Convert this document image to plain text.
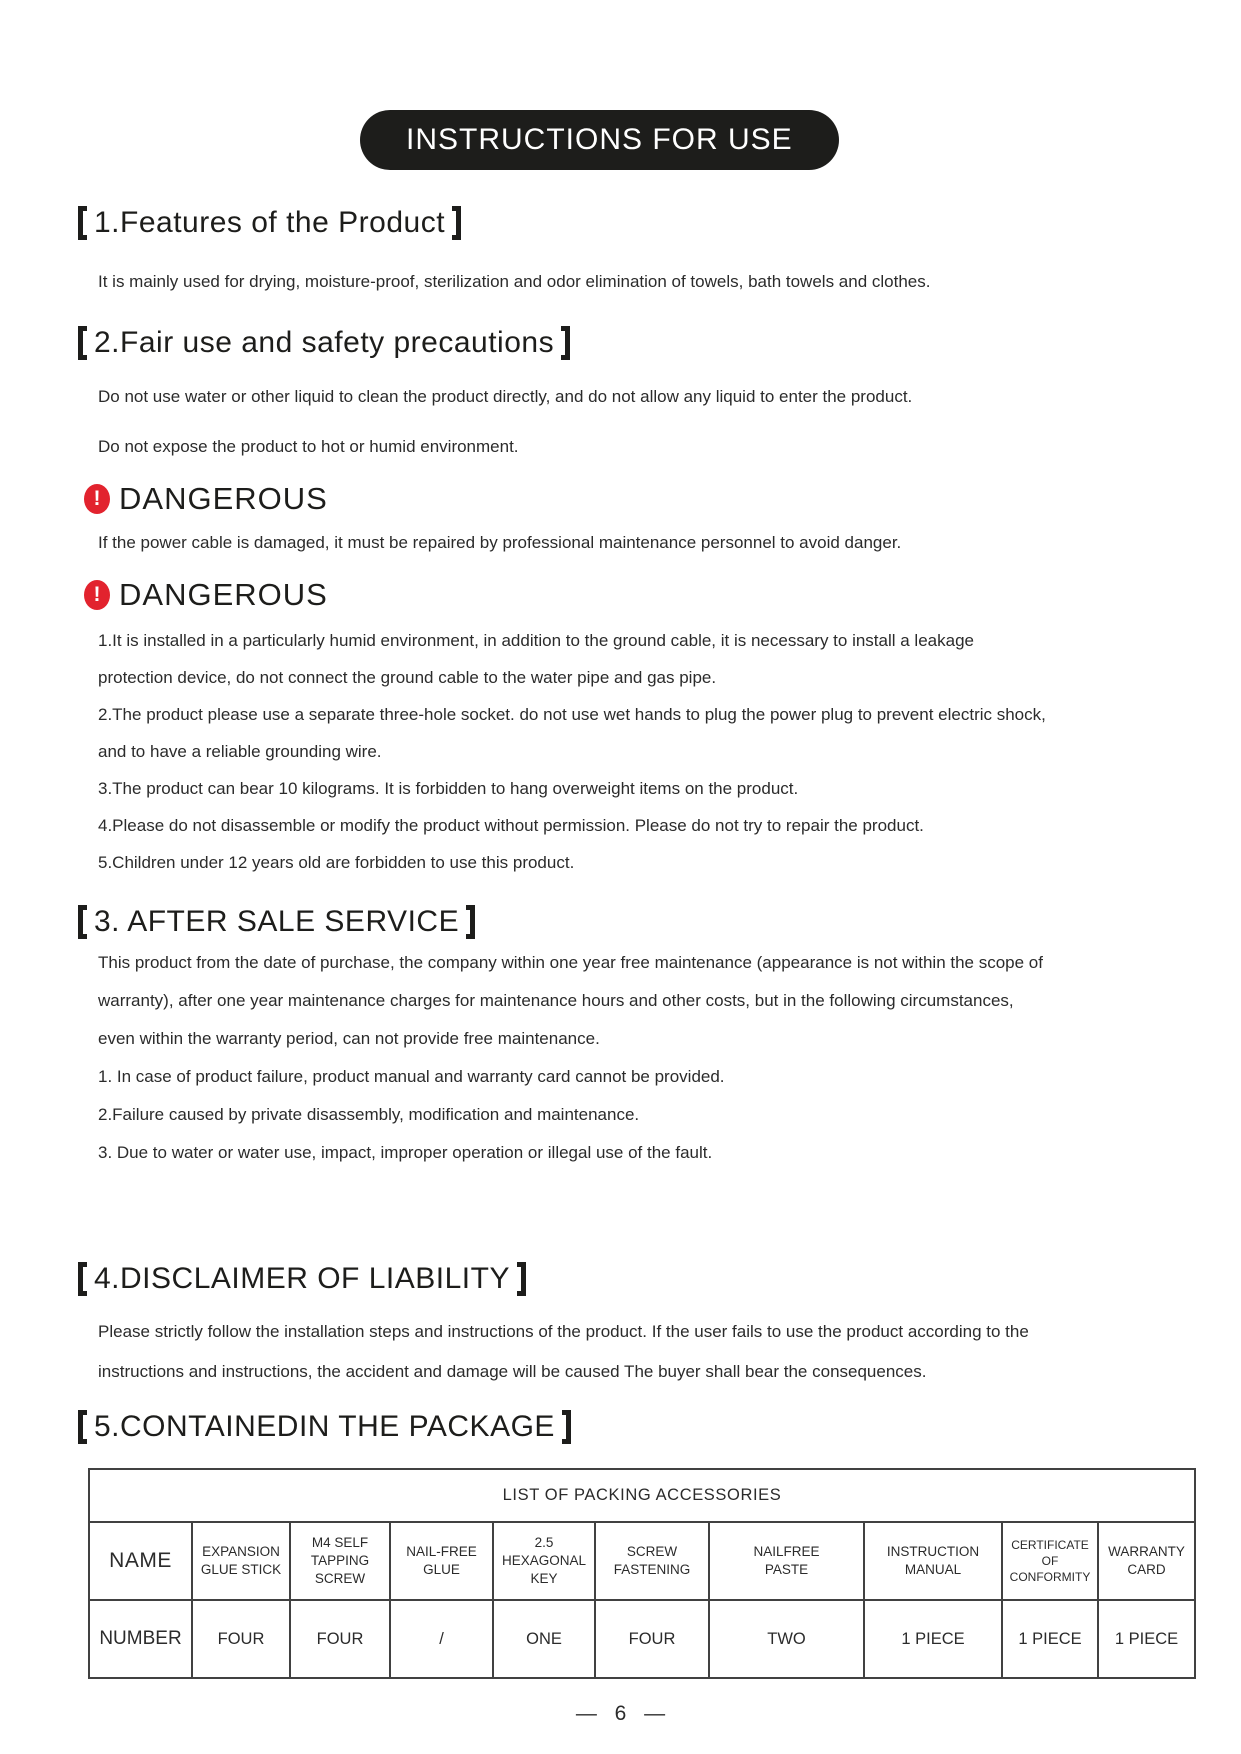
INSTRUCTIONS FOR USE
1.Features of the Product

It is mainly used for drying, moisture-proof, sterilization and odor elimination of towels, bath towels and clothes.

2.Fair use and safety precautions

Do not use water or other liquid to clean the product directly, and do not allow any liquid to enter the product.

Do not expose the product to hot or humid environment.

! DANGEROUS

If the power cable is damaged, it must be repaired by professional maintenance personnel to avoid danger.

! DANGEROUS

1.It is installed in a particularly humid environment, in addition to the ground cable, it is necessary to install a leakage protection device, do not connect the ground cable to the water pipe and gas pipe.

2.The product please use a separate three-hole socket. do not use wet hands to plug the power plug to prevent electric shock, and to have a reliable grounding wire.

3.The product can bear 10 kilograms. It is forbidden to hang overweight items on the product.

4.Please do not disassemble or modify the product without permission. Please do not try to repair the product.

5.Children under 12 years old are forbidden to use this product.

3. AFTER SALE SERVICE

This product from the date of purchase, the company within one year free maintenance (appearance is not within the scope of warranty), after one year maintenance charges for maintenance hours and other costs, but in the following circumstances, even within the warranty period, can not provide free maintenance.

1. In case of product failure, product manual and warranty card cannot be provided.

2.Failure caused by private disassembly, modification and maintenance.

3. Due to water or water use, impact, improper operation or illegal use of the fault.

4.DISCLAIMER OF LIABILITY

Please strictly follow the installation steps and instructions of the product. If the user fails to use the product according to the instructions and instructions, the accident and damage will be caused The buyer shall bear the consequences.

5.CONTAINEDIN THE PACKAGE
LIST OF PACKING ACCESSORIES									
NAME	EXPANSION GLUE STICK	M4 SELF TAPPING SCREW	NAIL-FREE GLUE	2.5 HEXAGONAL KEY	SCREW FASTENING	NAILFREE PASTE	INSTRUCTION MANUAL	CERTIFICATE OF CONFORMITY	WARRANTY CARD
NUMBER	FOUR	FOUR	/	ONE	FOUR	TWO	1 PIECE	1 PIECE	1 PIECE
— 6 —
